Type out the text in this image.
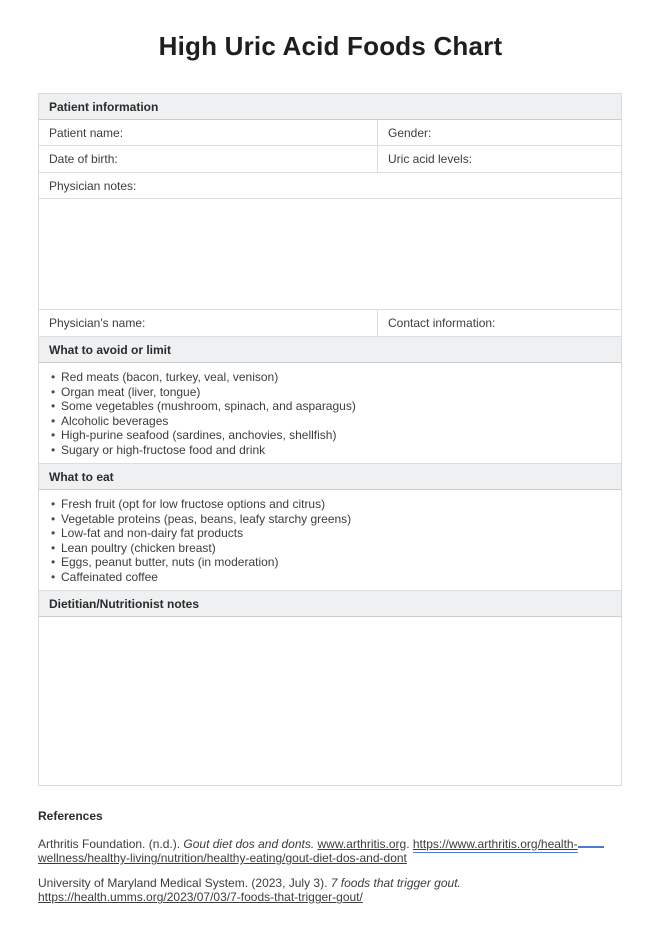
High Uric Acid Foods Chart
Patient information
Patient name:	Gender:
Date of birth:	Uric acid levels:
Physician notes:
Physician's name:	Contact information:
What to avoid or limit
• Red meats (bacon, turkey, veal, venison)
• Organ meat (liver, tongue)
• Some vegetables (mushroom, spinach, and asparagus)
• Alcoholic beverages
• High-purine seafood (sardines, anchovies, shellfish)
• Sugary or high-fructose food and drink
What to eat
• Fresh fruit (opt for low fructose options and citrus)
• Vegetable proteins (peas, beans, leafy starchy greens)
• Low-fat and non-dairy fat products
• Lean poultry (chicken breast)
• Eggs, peanut butter, nuts (in moderation)
• Caffeinated coffee
Dietitian/Nutritionist notes
References

Arthritis Foundation. (n.d.). Gout diet dos and donts. www.arthritis.org. https://www.arthritis.org/health-
wellness/healthy-living/nutrition/healthy-eating/gout-diet-dos-and-dont

University of Maryland Medical System. (2023, July 3). 7 foods that trigger gout.
https://health.umms.org/2023/07/03/7-foods-that-trigger-gout/
